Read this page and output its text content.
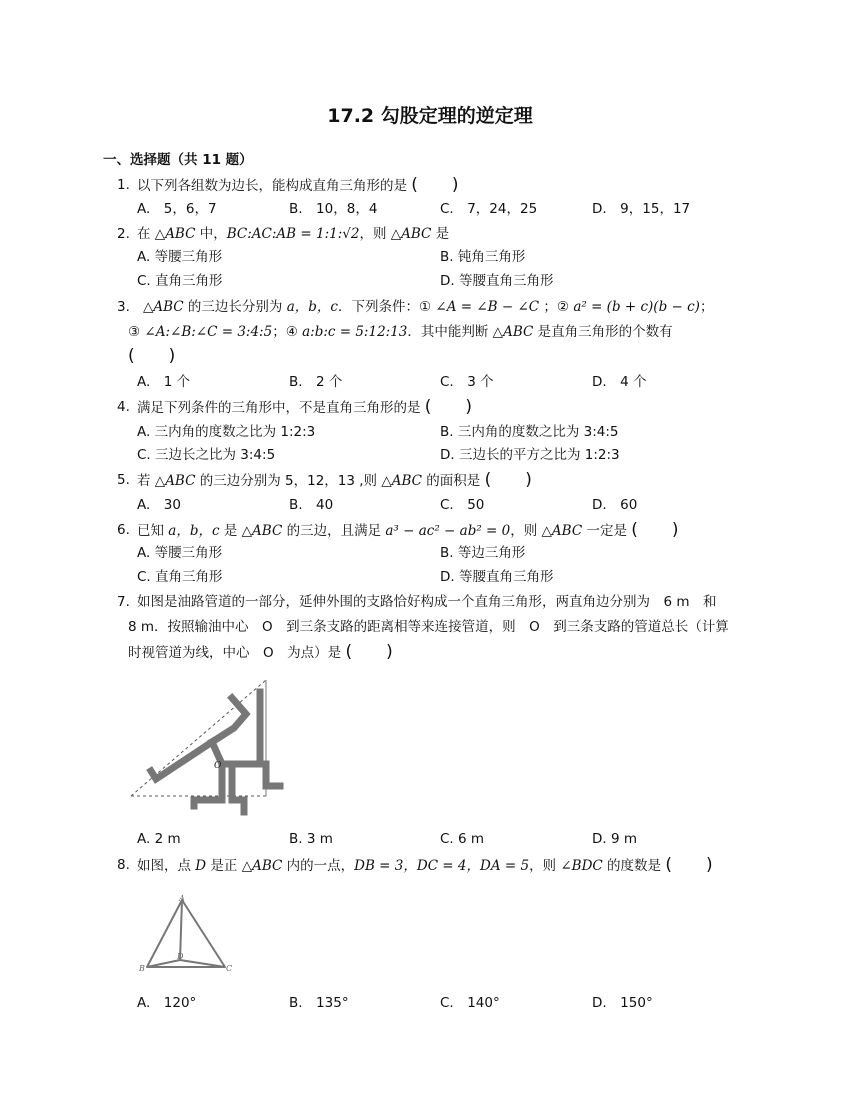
17.2 勾股定理的逆定理
一、选择题（共 11 题）
1. 以下列各组数为边长，能构成直角三角形的是 (　　)
A.　5，6，7	B.　10，8，4	C.　7，24，25	D.　9，15，17
2. 在 △ABC 中，BC:AC:AB = 1:1:√2，则 △ABC 是
A. 等腰三角形	B. 钝角三角形
C. 直角三角形	D. 等腰直角三角形
3. △ABC 的三边长分别为 a，b，c．下列条件：① ∠A = ∠B − ∠C ；② a² = (b + c)(b − c)；
③ ∠A:∠B:∠C = 3:4:5；④ a:b:c = 5:12:13．其中能判断 △ABC 是直角三角形的个数有
(　　)
A.　1 个	B.　2 个	C.　3 个	D.　4 个
4. 满足下列条件的三角形中，不是直角三角形的是 (　　)
A. 三内角的度数之比为 1:2:3	B. 三内角的度数之比为 3:4:5
C. 三边长之比为 3:4:5	D. 三边长的平方之比为 1:2:3
5. 若 △ABC 的三边分别为 5，12，13 ,则 △ABC 的面积是 (　　)
A.　30	B.　40	C.　50	D.　60
6. 已知 a，b，c 是 △ABC 的三边，且满足 a³ − ac² − ab² = 0，则 △ABC 一定是 (　　)
A. 等腰三角形	B. 等边三角形
C. 直角三角形	D. 等腰直角三角形
7. 如图是油路管道的一部分，延伸外围的支路恰好构成一个直角三角形，两直角边分别为　6 m　和
8 m．按照输油中心　O　到三条支路的距离相等来连接管道，则　O　到三条支路的管道总长（计算
时视管道为线，中心　O　为点）是 (　　)
O
A. 2 m	B. 3 m	C. 6 m	D. 9 m
8. 如图，点 D 是正 △ABC 内的一点，DB = 3，DC = 4，DA = 5，则 ∠BDC 的度数是 (　　)
A
B	C
D
A.　120°	B.　135°	C.　140°	D.　150°
